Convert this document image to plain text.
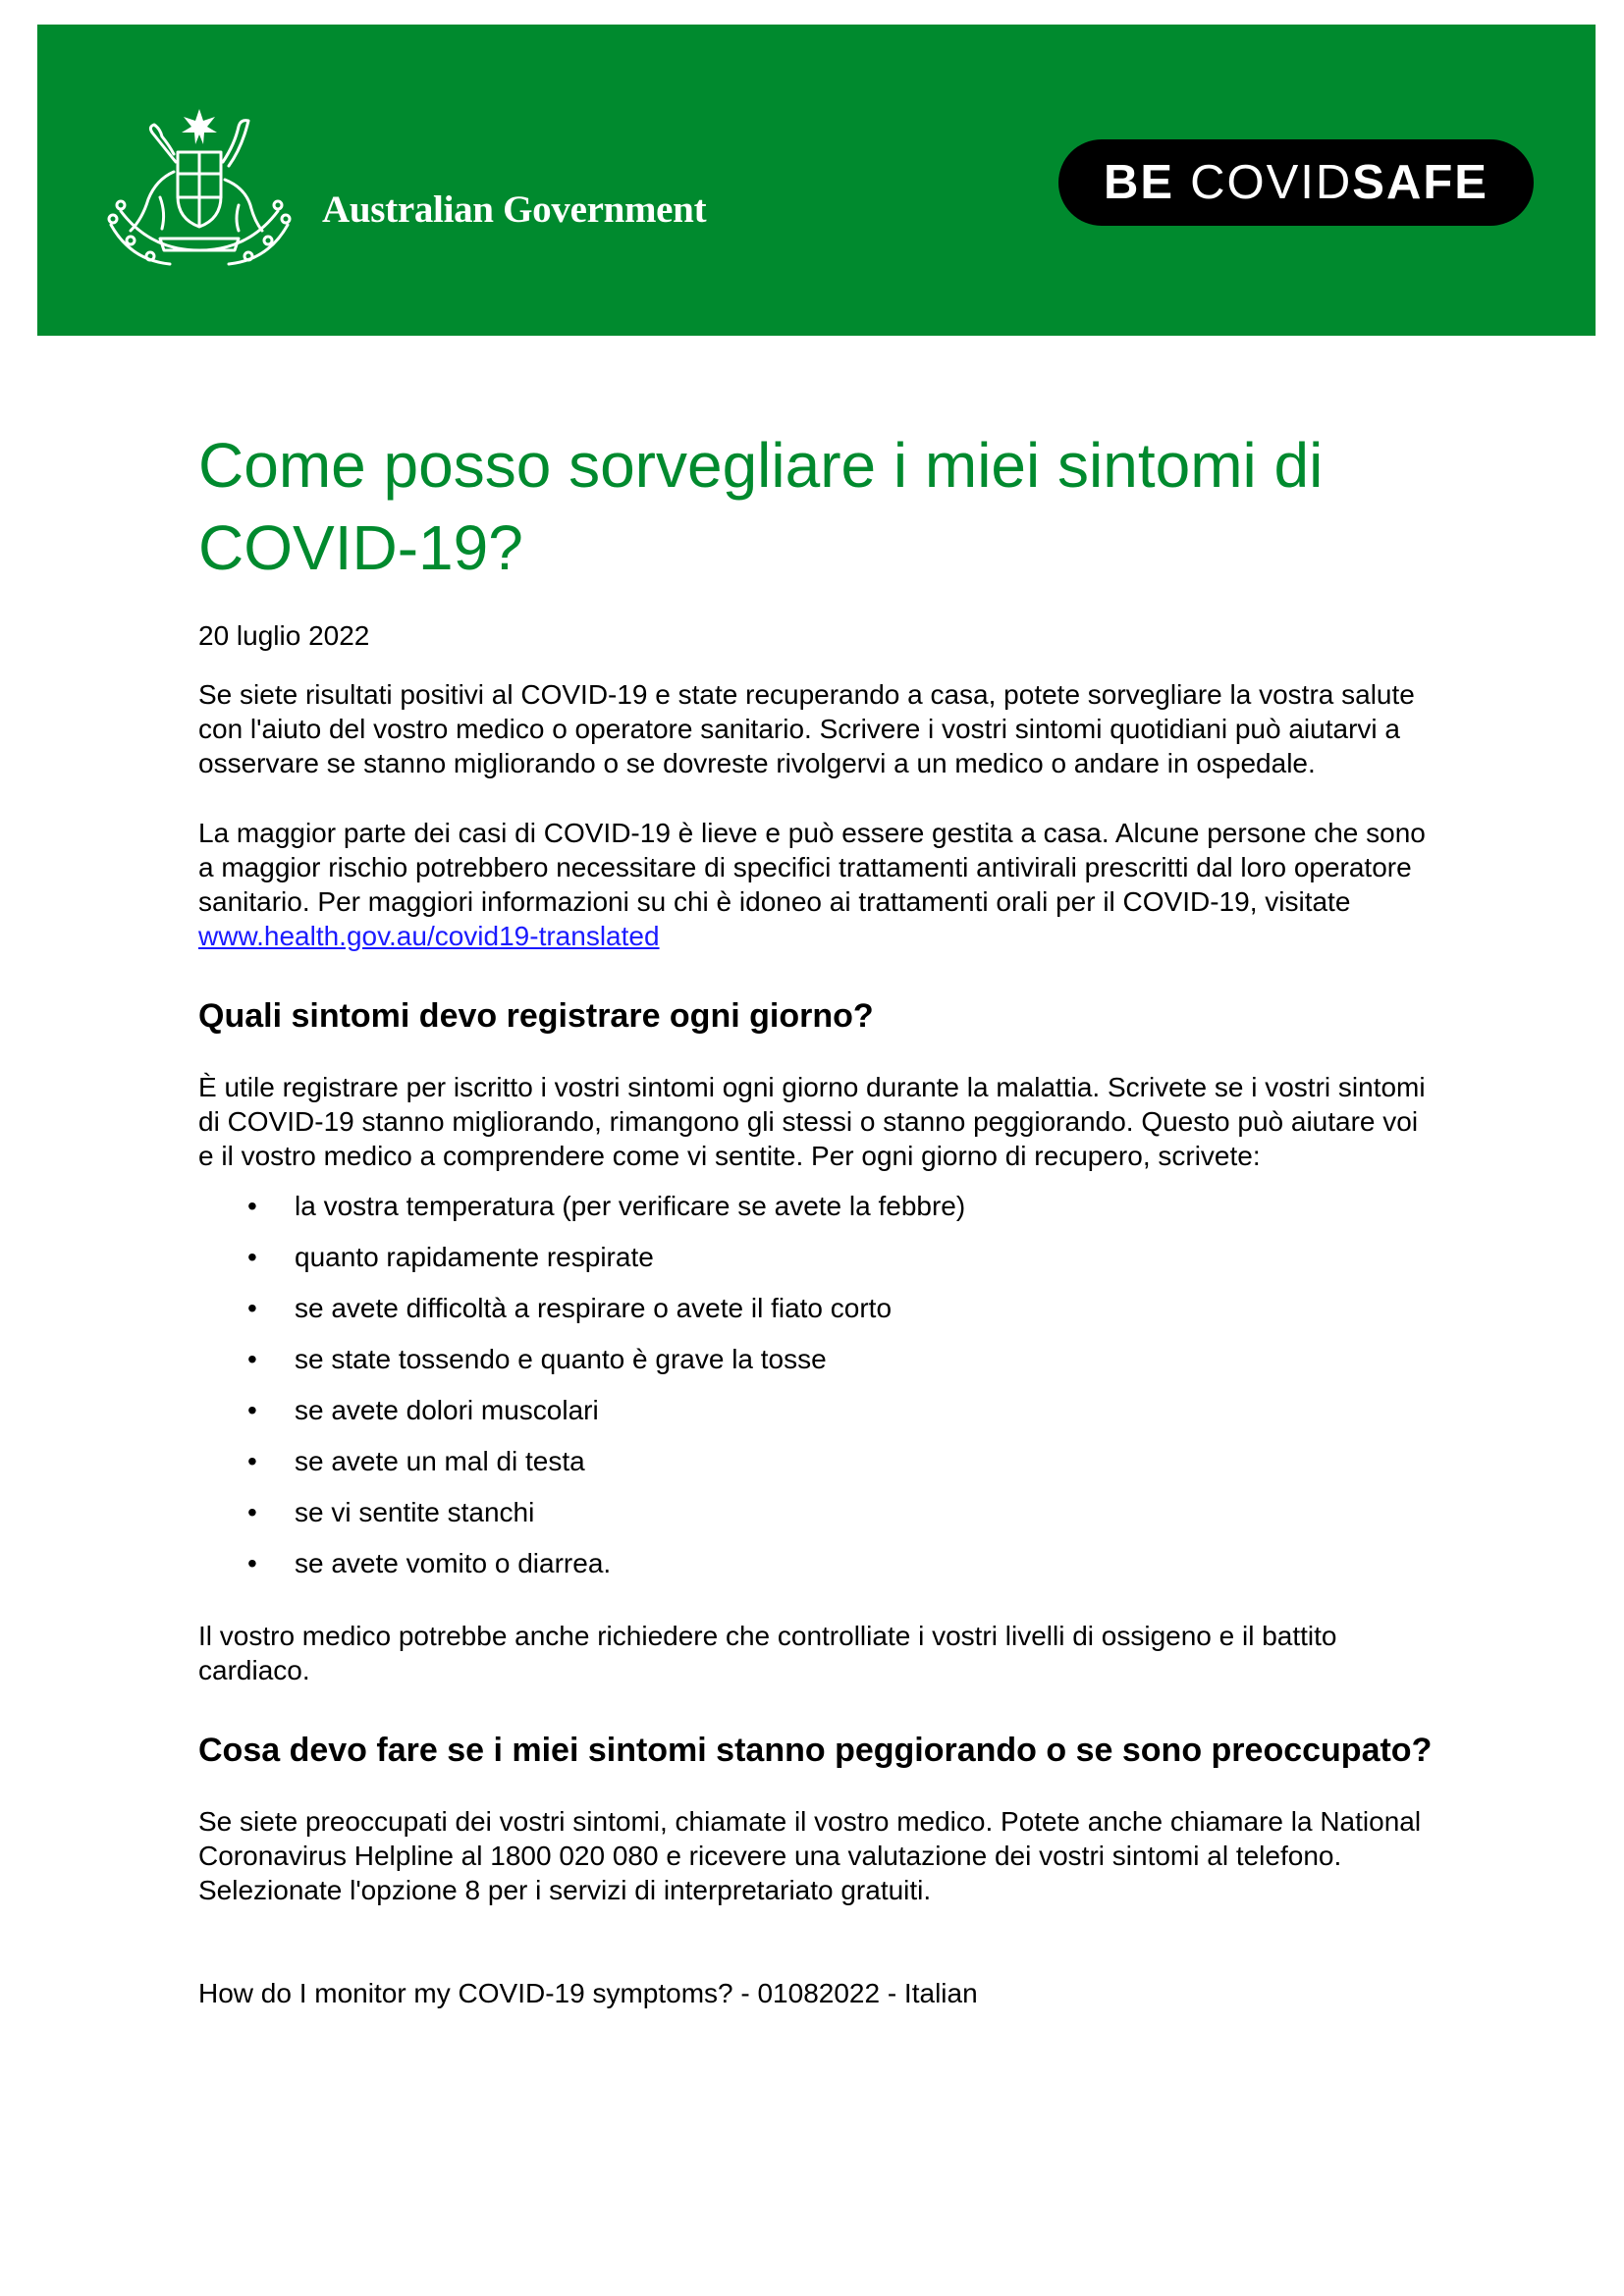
Australian Government
BE COVID SAFE
Come posso sorvegliare i miei sintomi di
COVID-19?

20 luglio 2022

Se siete risultati positivi al COVID-19 e state recuperando a casa, potete sorvegliare la vostra salute con l'aiuto del vostro medico o operatore sanitario. Scrivere i vostri sintomi quotidiani può aiutarvi a osservare se stanno migliorando o se dovreste rivolgervi a un medico o andare in ospedale.

La maggior parte dei casi di COVID-19 è lieve e può essere gestita a casa. Alcune persone che sono a maggior rischio potrebbero necessitare di specifici trattamenti antivirali prescritti dal loro operatore sanitario. Per maggiori informazioni su chi è idoneo ai trattamenti orali per il COVID-19, visitate www.health.gov.au/covid19-translated

Quali sintomi devo registrare ogni giorno?

È utile registrare per iscritto i vostri sintomi ogni giorno durante la malattia. Scrivete se i vostri sintomi di COVID-19 stanno migliorando, rimangono gli stessi o stanno peggiorando. Questo può aiutare voi e il vostro medico a comprendere come vi sentite. Per ogni giorno di recupero, scrivete:

• la vostra temperatura (per verificare se avete la febbre)
• quanto rapidamente respirate
• se avete difficoltà a respirare o avete il fiato corto
• se state tossendo e quanto è grave la tosse
• se avete dolori muscolari
• se avete un mal di testa
• se vi sentite stanchi
• se avete vomito o diarrea.

Il vostro medico potrebbe anche richiedere che controlliate i vostri livelli di ossigeno e il battito cardiaco.

Cosa devo fare se i miei sintomi stanno peggiorando o se sono preoccupato?

Se siete preoccupati dei vostri sintomi, chiamate il vostro medico. Potete anche chiamare la National Coronavirus Helpline al 1800 020 080 e ricevere una valutazione dei vostri sintomi al telefono. Selezionate l'opzione 8 per i servizi di interpretariato gratuiti.

How do I monitor my COVID-19 symptoms? - 01082022 - Italian
